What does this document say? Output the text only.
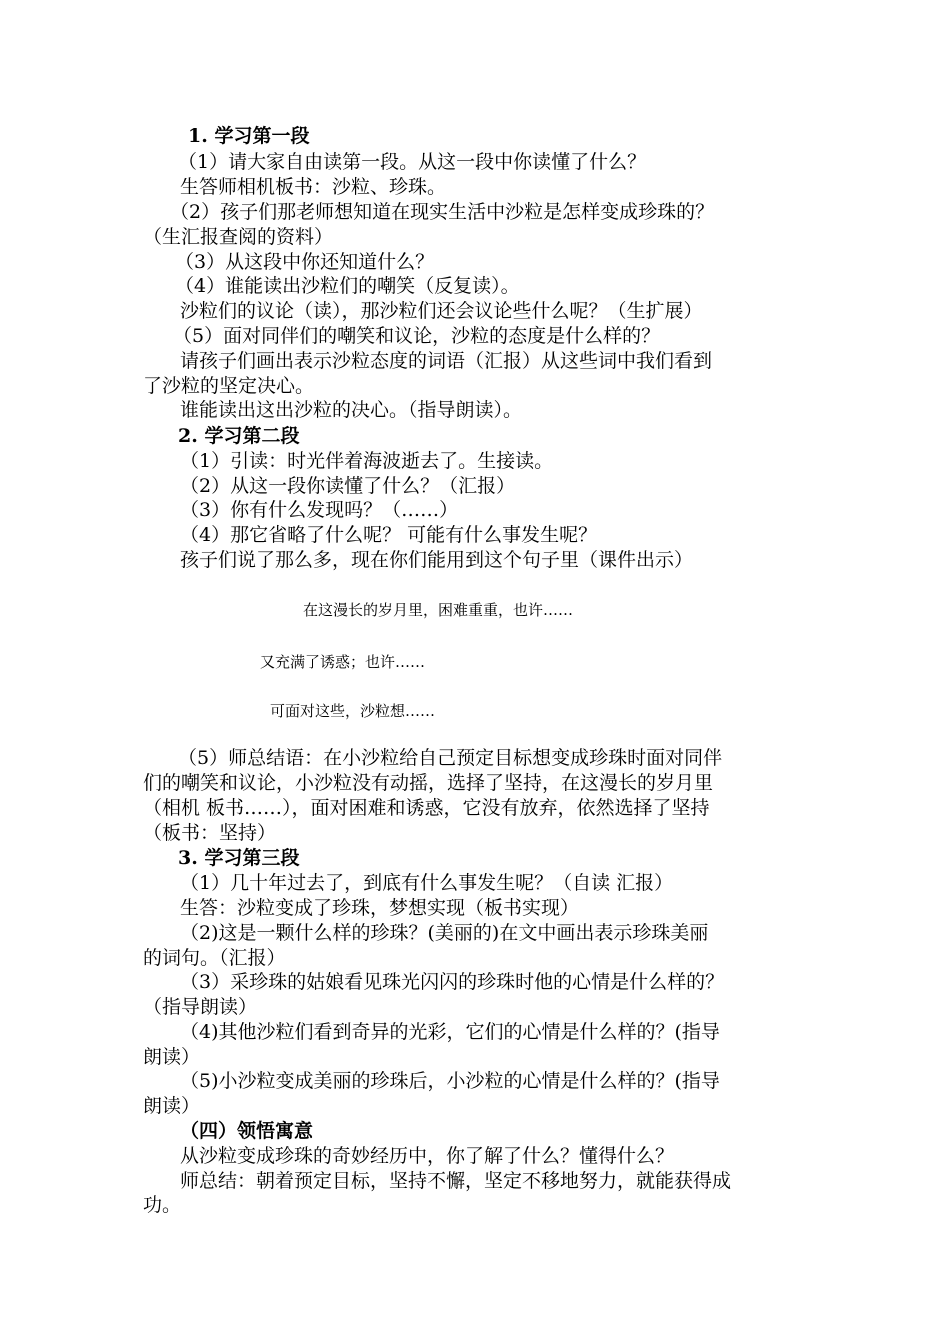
1. 学习第一段
（1）请大家自由读第一段。从这一段中你读懂了什么？
生答师相机板书：沙粒、珍珠。
（2）孩子们那老师想知道在现实生活中沙粒是怎样变成珍珠的？
（生汇报查阅的资料）
（3）从这段中你还知道什么？
（4）谁能读出沙粒们的嘲笑（反复读）。
沙粒们的议论（读），那沙粒们还会议论些什么呢？（生扩展）
（5）面对同伴们的嘲笑和议论，沙粒的态度是什么样的？
请孩子们画出表示沙粒态度的词语（汇报）从这些词中我们看到
了沙粒的坚定决心。
谁能读出这出沙粒的决心。（指导朗读）。
2. 学习第二段
（1）引读：时光伴着海波逝去了。生接读。
（2）从这一段你读懂了什么？（汇报）
（3）你有什么发现吗？（……）
（4）那它省略了什么呢？ 可能有什么事发生呢？
孩子们说了那么多，现在你们能用到这个句子里（课件出示）
在这漫长的岁月里，困难重重，也许……
又充满了诱惑；也许……
可面对这些，沙粒想……
（5）师总结语：在小沙粒给自己预定目标想变成珍珠时面对同伴
们的嘲笑和议论，小沙粒没有动摇，选择了坚持，在这漫长的岁月里
（相机 板书……），面对困难和诱惑，它没有放弃，依然选择了坚持
（板书：坚持）
3. 学习第三段
（1）几十年过去了，到底有什么事发生呢？（自读 汇报）
生答：沙粒变成了珍珠，梦想实现（板书实现）
（2)这是一颗什么样的珍珠？(美丽的)在文中画出表示珍珠美丽
的词句。（汇报）
（3）采珍珠的姑娘看见珠光闪闪的珍珠时他的心情是什么样的？
（指导朗读）
（4)其他沙粒们看到奇异的光彩，它们的心情是什么样的？(指导
朗读）
（5)小沙粒变成美丽的珍珠后，小沙粒的心情是什么样的？(指导
朗读）
（四）领悟寓意
从沙粒变成珍珠的奇妙经历中，你了解了什么？懂得什么？
师总结：朝着预定目标，坚持不懈，坚定不移地努力，就能获得成
功。
